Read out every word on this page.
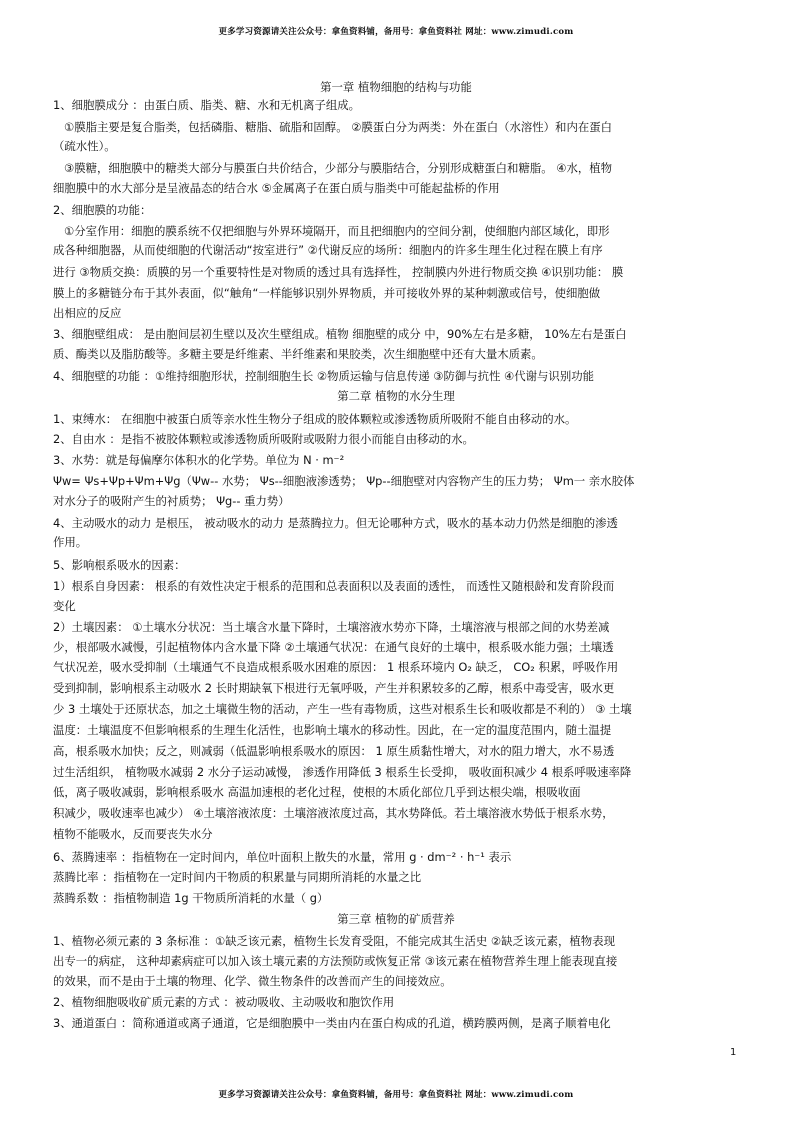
更多学习资源请关注公众号：拿鱼资料铺，备用号：拿鱼资料社 网址：www.zimudi.com
第一章 植物细胞的结构与功能
1、细胞膜成分 ：由蛋白质、脂类、糖、水和无机离子组成。
①膜脂主要是复合脂类，包括磷脂、糖脂、硫脂和固醇。 ②膜蛋白分为两类：外在蛋白（水溶性）和内在蛋白
（疏水性）。
③膜糖，细胞膜中的糖类大部分与膜蛋白共价结合，少部分与膜脂结合，分别形成糖蛋白和糖脂。 ④水，植物
细胞膜中的水大部分是呈液晶态的结合水 ⑤金属离子在蛋白质与脂类中可能起盐桥的作用
2、细胞膜的功能：
①分室作用：细胞的膜系统不仅把细胞与外界环境隔开，而且把细胞内的空间分割，使细胞内部区域化，即形
成各种细胞器，从而使细胞的代谢活动“按室进行” ②代谢反应的场所：细胞内的许多生理生化过程在膜上有序
进行 ③物质交换：质膜的另一个重要特性是对物质的透过具有选择性， 控制膜内外进行物质交换 ④识别功能： 膜
膜上的多糖链分布于其外表面，似“触角“一样能够识别外界物质，并可接收外界的某种刺激或信号，使细胞做
出相应的反应
3、细胞壁组成： 是由胞间层初生壁以及次生壁组成。植物 细胞壁的成分 中，90%左右是多糖， 10%左右是蛋白
质、酶类以及脂肪酸等。多糖主要是纤维素、半纤维素和果胶类，次生细胞壁中还有大量木质素。
4、细胞壁的功能 ：①维持细胞形状，控制细胞生长 ②物质运输与信息传递 ③防御与抗性 ④代谢与识别功能
第二章 植物的水分生理
1、束缚水： 在细胞中被蛋白质等亲水性生物分子组成的胶体颗粒或渗透物质所吸附不能自由移动的水。
2、自由水 ：是指不被胶体颗粒或渗透物质所吸附或吸附力很小而能自由移动的水。
3、水势：就是每偏摩尔体积水的化学势。单位为 N · m⁻²
Ψw= Ψs+Ψp+Ψm+Ψg（Ψw-- 水势； Ψs--细胞液渗透势； Ψp--细胞壁对内容物产生的压力势； Ψm一 亲水胶体
对水分子的吸附产生的衬质势； Ψg-- 重力势）
4、主动吸水的动力 是根压， 被动吸水的动力 是蒸腾拉力。但无论哪种方式，吸水的基本动力仍然是细胞的渗透
作用。
5、影响根系吸水的因素：
1）根系自身因素： 根系的有效性决定于根系的范围和总表面积以及表面的透性， 而透性又随根龄和发育阶段而
变化
2）土壤因素： ①土壤水分状况：当土壤含水量下降时，土壤溶液水势亦下降，土壤溶液与根部之间的水势差减
少，根部吸水减慢，引起植物体内含水量下降 ②土壤通气状况：在通气良好的土壤中，根系吸水能力强；土壤透
气状况差，吸水受抑制（土壤通气不良造成根系吸水困难的原因： 1 根系环境内 O₂ 缺乏， CO₂ 积累，呼吸作用
受到抑制，影响根系主动吸水 2 长时期缺氧下根进行无氧呼吸，产生并积累较多的乙醇，根系中毒受害，吸水更
少 3 土壤处于还原状态，加之土壤微生物的活动，产生一些有毒物质，这些对根系生长和吸收都是不利的） ③ 土壤
温度：土壤温度不但影响根系的生理生化活性，也影响土壤水的移动性。因此，在一定的温度范围内，随土温提
高，根系吸水加快；反之，则减弱（低温影响根系吸水的原因： 1 原生质黏性增大，对水的阻力增大，水不易透
过生活组织， 植物吸水减弱 2 水分子运动减慢， 渗透作用降低 3 根系生长受抑， 吸收面积减少 4 根系呼吸速率降
低，离子吸收减弱，影响根系吸水 高温加速根的老化过程，使根的木质化部位几乎到达根尖端，根吸收面
积减少，吸收速率也减少） ④土壤溶液浓度：土壤溶液浓度过高，其水势降低。若土壤溶液水势低于根系水势，
植物不能吸水，反而要丧失水分
6、蒸腾速率 ：指植物在一定时间内，单位叶面积上散失的水量，常用 g · dm⁻² · h⁻¹ 表示
蒸腾比率 ：指植物在一定时间内干物质的积累量与同期所消耗的水量之比
蒸腾系数 ：指植物制造 1g 干物质所消耗的水量（ g）
第三章 植物的矿质营养
1、植物必须元素的 3 条标准 ：①缺乏该元素，植物生长发育受阻，不能完成其生活史 ②缺乏该元素，植物表现
出专一的病症， 这种却素病症可以加入该土壤元素的方法预防或恢复正常 ③该元素在植物营养生理上能表现直接
的效果，而不是由于土壤的物理、化学、微生物条件的改善而产生的间接效应。
2、植物细胞吸收矿质元素的方式 ：被动吸收、主动吸收和胞饮作用
3、通道蛋白 ：简称通道或离子通道，它是细胞膜中一类由内在蛋白构成的孔道，横跨膜两侧，是离子顺着电化
1
更多学习资源请关注公众号：拿鱼资料铺，备用号：拿鱼资料社 网址：www.zimudi.com
